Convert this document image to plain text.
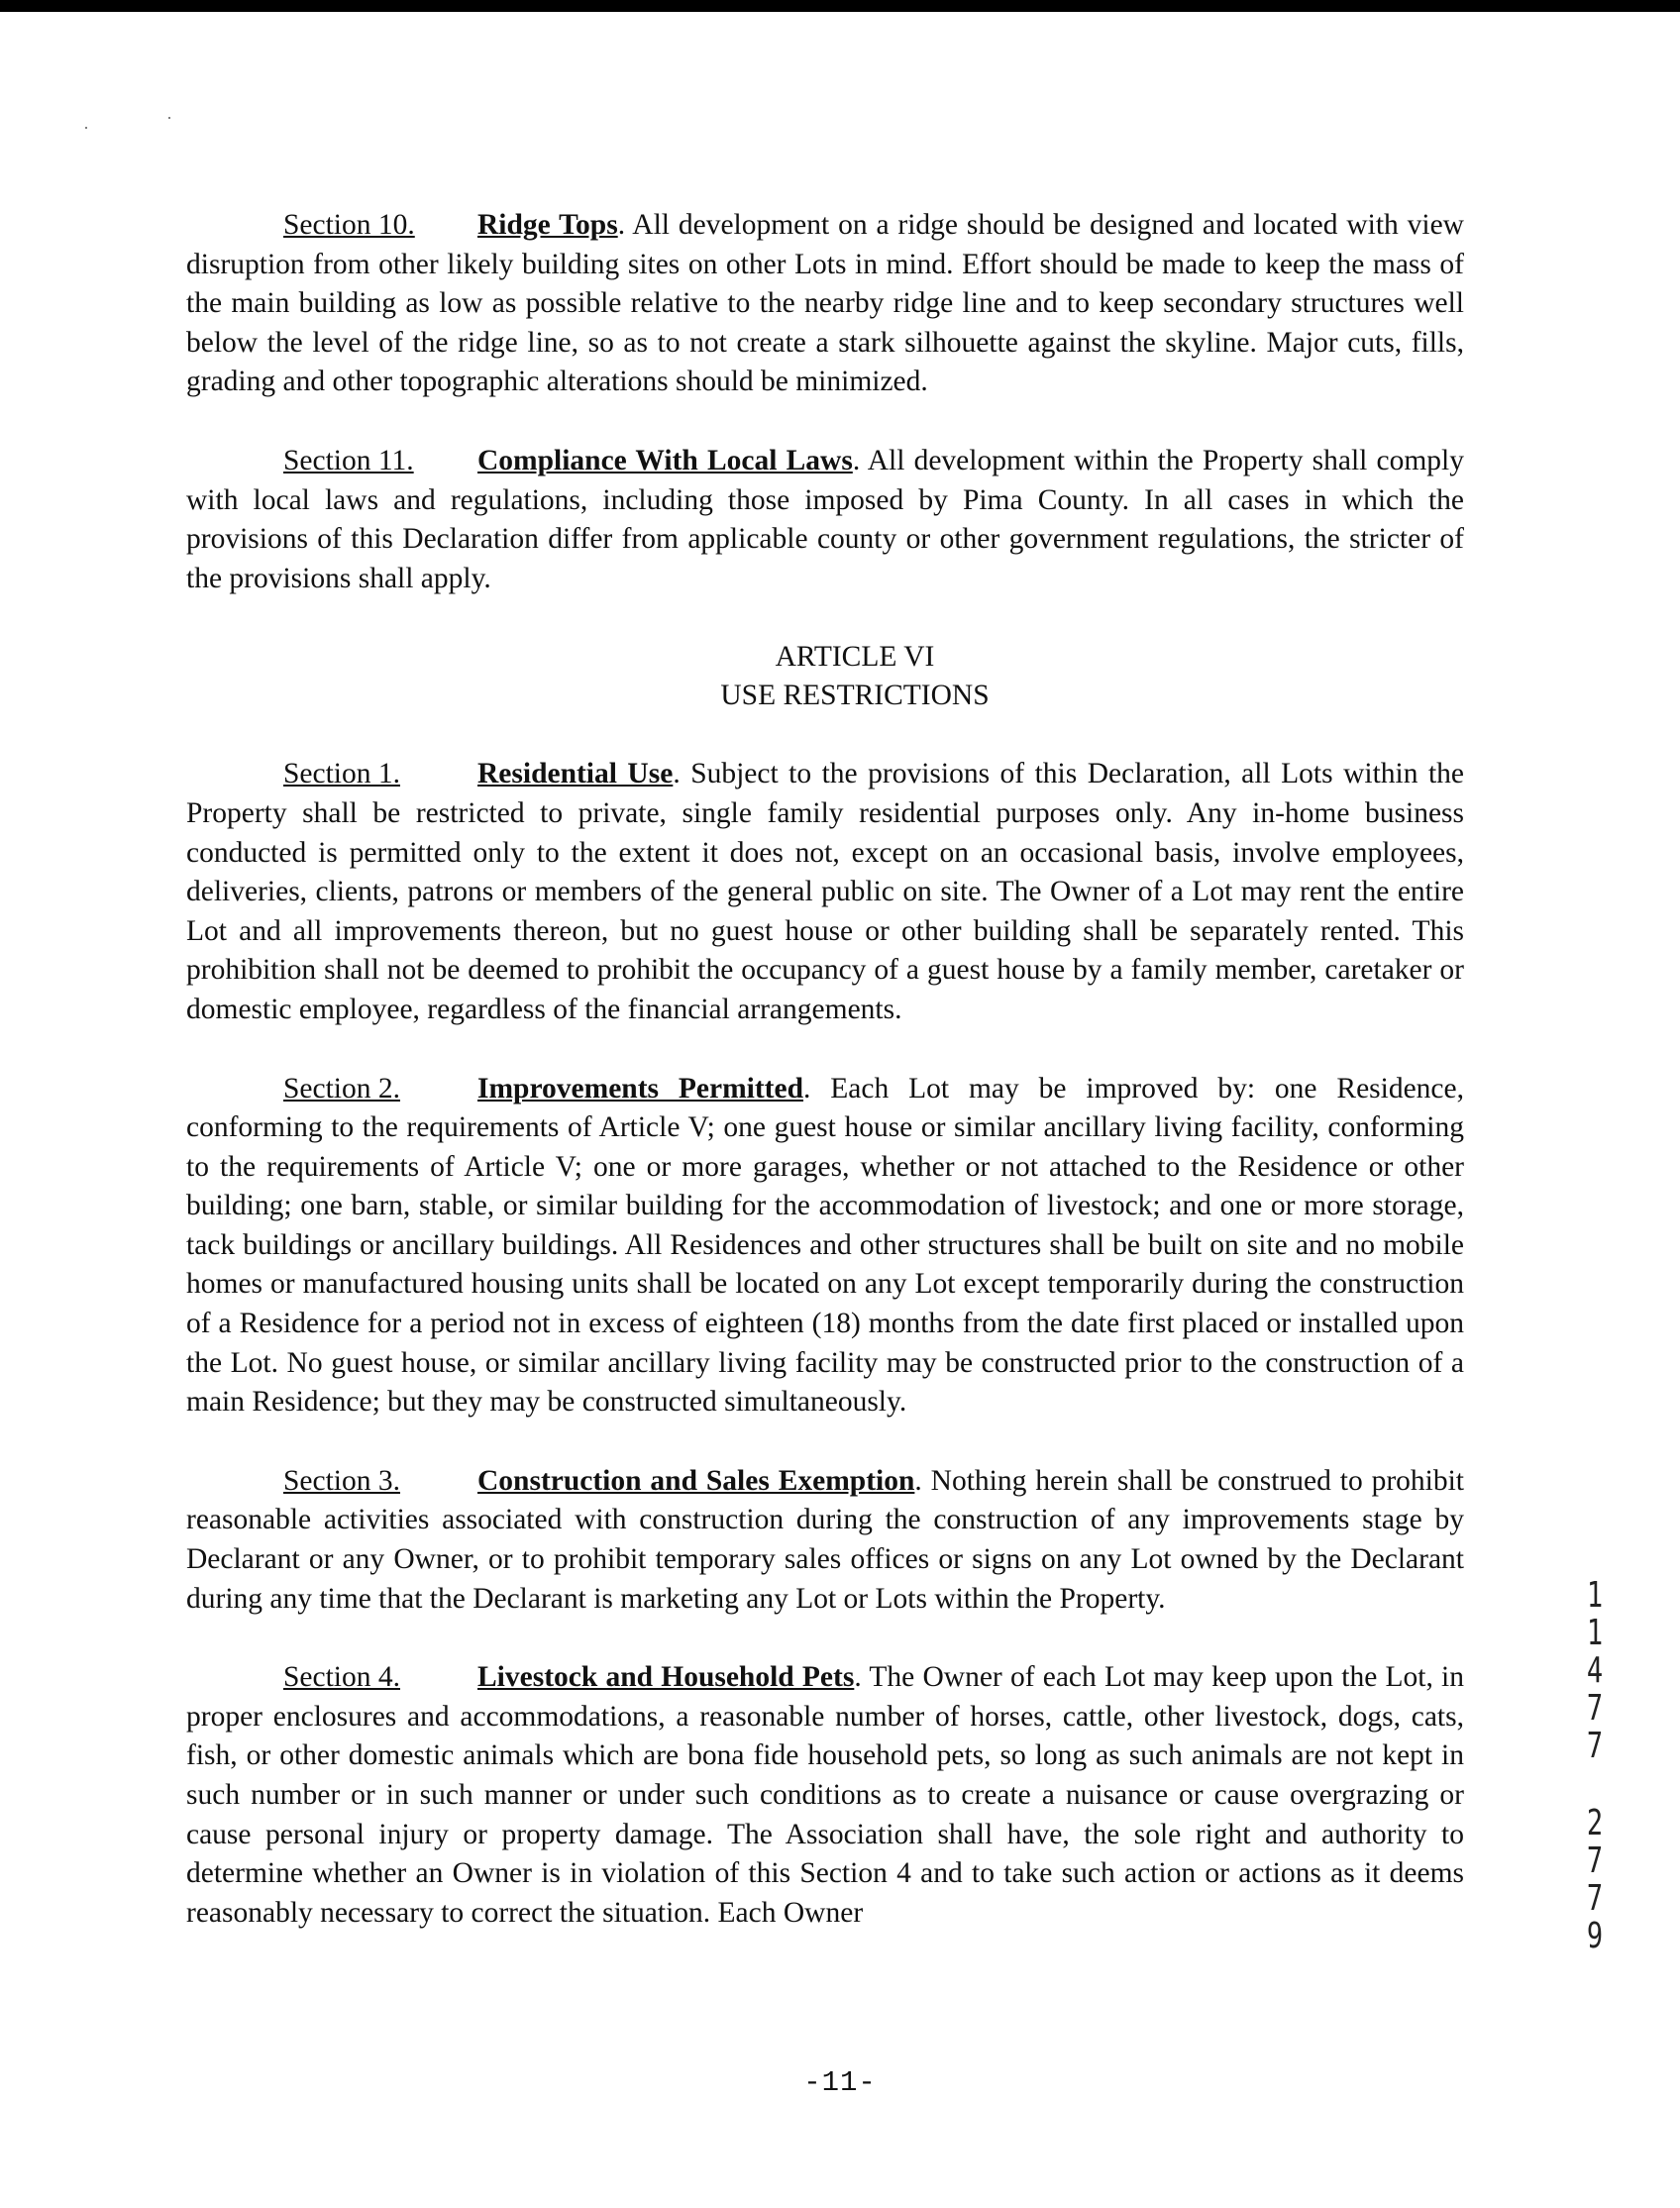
Section 10. Ridge Tops. All development on a ridge should be designed and located with view disruption from other likely building sites on other Lots in mind. Effort should be made to keep the mass of the main building as low as possible relative to the nearby ridge line and to keep secondary structures well below the level of the ridge line, so as to not create a stark silhouette against the skyline. Major cuts, fills, grading and other topographic alterations should be minimized.

Section 11. Compliance With Local Laws. All development within the Property shall comply with local laws and regulations, including those imposed by Pima County. In all cases in which the provisions of this Declaration differ from applicable county or other government regulations, the stricter of the provisions shall apply.

ARTICLE VI
USE RESTRICTIONS

Section 1.	Residential Use. Subject to the provisions of this Declaration, all Lots within the Property shall be restricted to private, single family residential purposes only. Any in-home business conducted is permitted only to the extent it does not, except on an occasional basis, involve employees, deliveries, clients, patrons or members of the general public on site. The Owner of a Lot may rent the entire Lot and all improvements thereon, but no guest house or other building shall be separately rented. This prohibition shall not be deemed to prohibit the occupancy of a guest house by a family member, caretaker or domestic employee, regardless of the financial arrangements.

Section 2.	Improvements Permitted. Each Lot may be improved by: one Residence, conforming to the requirements of Article V; one guest house or similar ancillary living facility, conforming to the requirements of Article V; one or more garages, whether or not attached to the Residence or other building; one barn, stable, or similar building for the accommodation of livestock; and one or more storage, tack buildings or ancillary buildings. All Residences and other structures shall be built on site and no mobile homes or manufactured housing units shall be located on any Lot except temporarily during the construction of a Residence for a period not in excess of eighteen (18) months from the date first placed or installed upon the Lot. No guest house, or similar ancillary living facility may be constructed prior to the construction of a main Residence; but they may be constructed simultaneously.

Section 3.	Construction and Sales Exemption. Nothing herein shall be construed to prohibit reasonable activities associated with construction during the construction of any improvements stage by Declarant or any Owner, or to prohibit temporary sales offices or signs on any Lot owned by the Declarant during any time that the Declarant is marketing any Lot or Lots within the Property.

Section 4.	Livestock and Household Pets. The Owner of each Lot may keep upon the Lot, in proper enclosures and accommodations, a reasonable number of horses, cattle, other livestock, dogs, cats, fish, or other domestic animals which are bona fide household pets, so long as such animals are not kept in such number or in such manner or under such conditions as to create a nuisance or cause overgrazing or cause personal injury or property damage. The Association shall have, the sole right and authority to determine whether an Owner is in violation of this Section 4 and to take such action or actions as it deems reasonably necessary to correct the situation. Each Owner

1
1
4
7
7
2
7
7
9
-11-
